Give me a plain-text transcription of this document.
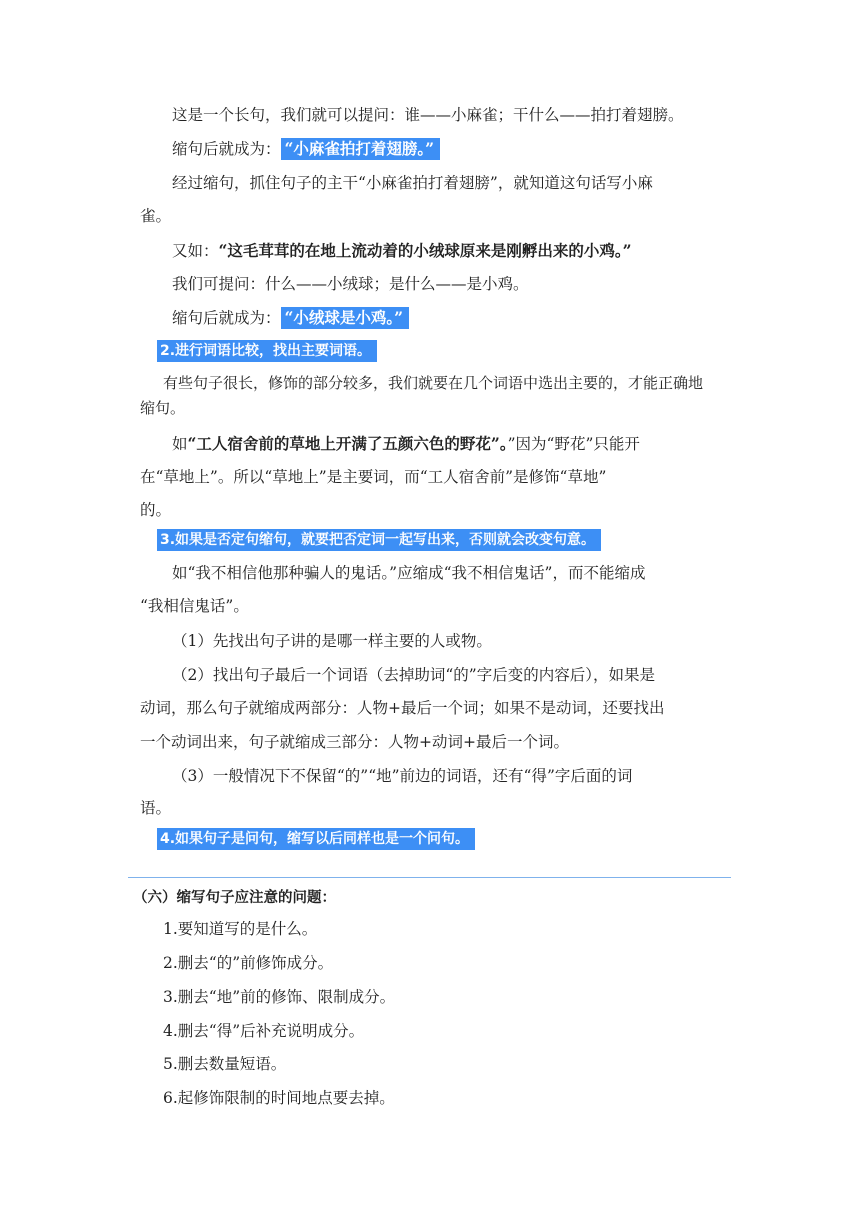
这是一个长句，我们就可以提问：谁——小麻雀；干什么——拍打着翅膀。
缩句后就成为： “小麻雀拍打着翅膀。”
经过缩句，抓住句子的主干“小麻雀拍打着翅膀”，就知道这句话写小麻
雀。
又如：“这毛茸茸的在地上流动着的小绒球原来是刚孵出来的小鸡。”
我们可提问：什么——小绒球；是什么——是小鸡。
缩句后就成为： “小绒球是小鸡。”
2.进行词语比较，找出主要词语。
有些句子很长，修饰的部分较多，我们就要在几个词语中选出主要的，才能正确地
缩句。
如“工人宿舍前的草地上开满了五颜六色的野花”。”因为“野花”只能开
在“草地上”。所以“草地上”是主要词，而“工人宿舍前”是修饰“草地”
的。
3.如果是否定句缩句，就要把否定词一起写出来，否则就会改变句意。
如“我不相信他那种骗人的鬼话。”应缩成“我不相信鬼话”，而不能缩成
“我相信鬼话”。
（1）先找出句子讲的是哪一样主要的人或物。
（2）找出句子最后一个词语（去掉助词“的”字后变的内容后），如果是
动词，那么句子就缩成两部分：人物+最后一个词；如果不是动词，还要找出
一个动词出来，句子就缩成三部分：人物+动词+最后一个词。
（3）一般情况下不保留“的”“地”前边的词语，还有“得”字后面的词
语。
4.如果句子是问句，缩写以后同样也是一个问句。
（六）缩写句子应注意的问题：
1.要知道写的是什么。
2.删去“的”前修饰成分。
3.删去“地”前的修饰、限制成分。
4.删去“得”后补充说明成分。
5.删去数量短语。
6.起修饰限制的时间地点要去掉。
